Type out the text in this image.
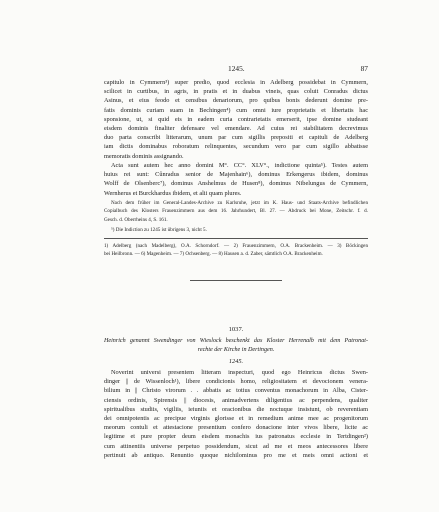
1245.	87
capitulo in Cymmern³) super predio, quod ecclesia in Adelberg possidebat in Cymmern,
scilicet in curtibus, in agris, in pratis et in duabus vineis, quas coluit Conradus dictus
Asinus, et eius feodo et censibus denariorum, pro quibus bonis dederunt domine pre-
fatis dominis curiam suam in Bechingen⁴) cum omni iure proprietatis et libertatis hac
sponsione, ut, si quid eis in eadem curia contrarietatis emerserit, ipse domine studeant
eisdem dominis finaliter defensare vel emendare. Ad cuius rei stabilitatem decrevimus
duo parta conscribi litterarum, unum par cum sigillis prepositi et capituli de Adelberg
iam dictis dominabus roboratum relinquentes, secundum vero par cum sigillo abbatisse
memoratis dominis assignando.
Acta sunt autem hec anno domini M°. CC°. XLV°., indictione quinta⁵). Testes autem
huius rei sunt: Cûnradus senior de Majenhain⁶), dominus Erkengerus ibidem, dominus
Wolff de Olsenberc⁷), dominus Anshelmus de Husen⁸), dominus Nibelungus de Cymmern,
Wernherus et Burckhardus ibidem, et alii quam plures.
Nach dem früher im General-Landes-Archive zu Karlsruhe, jetzt im K. Haus- und Staats-Archive befindlichen
Copialbuch des Klosters Frauenzimmern aus dem 16. Jahrhundert, Bl. 27. — Abdruck bei Mone, Zeitschr. f. d.
Gesch. d. Oberrheins 4, S. 161.
⁵) Die Indiction zu 1245 ist übrigens 3, nicht 5.
1) Adelberg (nach Madelberg), O.A. Schorndorf. — 2) Frauenzimmern, O.A. Brackenheim. — 3) Böckingen
bei Heilbronn. — 6) Magenheim. — 7) Ochsenberg. — 8) Hausen a. d. Zaber, sämtlich O.A. Brackenheim.
1037.
Heinrich genannt Swendinger von Wieslock beschenkt das Kloster Herrenalb mit dem Patronat-
rechte der Kirche in Dertingen.
1245.
Noverint universi presentem litteram inspecturi, quod ego Heinricus dictus Swen-
dinger || de Wissenloch¹), libere condicionis homo, religiositatem et devocionem venera-
bilium in || Christo virorum . . abbatis ac totius conventus monachorum in Alba, Cister-
ciensis ordinis, Spirensis || diocesis, animadvertens diligentius ac perpendens, qualiter
spiritualibus studiis, vigiliis, ieiuniis et oracionibus die noctuque insistunt, ob reverentiam
dei omnipotentis ac precipue virginis glorisse et in remedium anime mee ac progenitorum
meorum contuli et attestacione presentium confero donacione inter vivos libere, licite ac
legitime et pure propter deum eisdem monachis ius patronatus ecclesie in Tertdingen²)
cum attinentiis universe perpetuo possidendum, sicut ad me et meos antecessores libere
pertinuit ab antiquo. Renuntio quoque nichilominus pro me et meis omni actioni et
